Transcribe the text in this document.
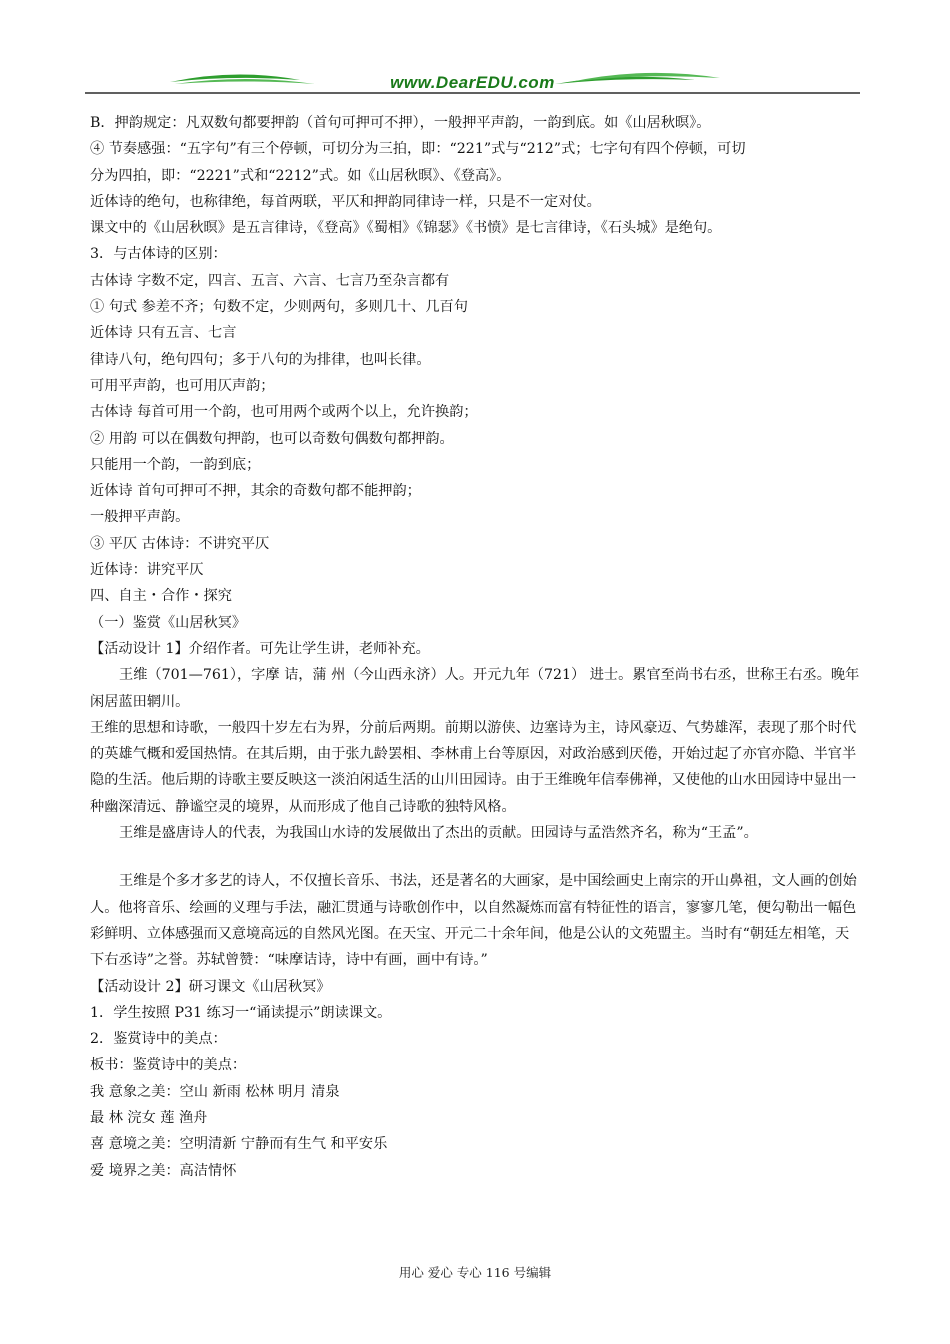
www.DearEDU.com
B．押韵规定：凡双数句都要押韵（首句可押可不押），一般押平声韵，一韵到底。如《山居秋暝》。
④ 节奏感强：“五字句”有三个停顿，可切分为三拍，即：“221”式与“212”式；七字句有四个停顿，可切
分为四拍，即：“2221”式和“2212”式。如《山居秋暝》、《登高》。
近体诗的绝句，也称律绝，每首两联，平仄和押韵同律诗一样，只是不一定对仗。
课文中的《山居秋暝》是五言律诗，《登高》《蜀相》《锦瑟》《书愤》是七言律诗，《石头城》是绝句。
3．与古体诗的区别：
古体诗 字数不定，四言、五言、六言、七言乃至杂言都有
① 句式 参差不齐；句数不定，少则两句，多则几十、几百句
近体诗 只有五言、七言
律诗八句，绝句四句；多于八句的为排律，也叫长律。
可用平声韵，也可用仄声韵；
古体诗 每首可用一个韵，也可用两个或两个以上，允许换韵；
② 用韵 可以在偶数句押韵，也可以奇数句偶数句都押韵。
只能用一个韵，一韵到底；
近体诗 首句可押可不押，其余的奇数句都不能押韵；
一般押平声韵。
③ 平仄 古体诗：不讲究平仄
近体诗：讲究平仄
四、自主・合作・探究
（一）鉴赏《山居秋冥》
【活动设计 1】介绍作者。可先让学生讲，老师补充。
王维（701—761），字摩 诘，蒲 州（今山西永济）人。开元九年（721） 进士。累官至尚书右丞，世称王右丞。晚年闲居蓝田辋川。
王维的思想和诗歌，一般四十岁左右为界，分前后两期。前期以游侠、边塞诗为主，诗风豪迈、气势雄浑，表现了那个时代的英雄气概和爱国热情。在其后期，由于张九龄罢相、李林甫上台等原因，对政治感到厌倦，开始过起了亦官亦隐、半官半隐的生活。他后期的诗歌主要反映这一淡泊闲适生活的山川田园诗。由于王维晚年信奉佛禅，又使他的山水田园诗中显出一种幽深清远、静谧空灵的境界，从而形成了他自己诗歌的独特风格。
王维是盛唐诗人的代表，为我国山水诗的发展做出了杰出的贡献。田园诗与孟浩然齐名，称为“王孟”。
王维是个多才多艺的诗人，不仅擅长音乐、书法，还是著名的大画家，是中国绘画史上南宗的开山鼻祖，文人画的创始人。他将音乐、绘画的义理与手法，融汇贯通与诗歌创作中，以自然凝炼而富有特征性的语言，寥寥几笔，便勾勒出一幅色彩鲜明、立体感强而又意境高远的自然风光图。在天宝、开元二十余年间，他是公认的文苑盟主。当时有“朝廷左相笔，天下右丞诗”之誉。苏轼曾赞：“味摩诘诗，诗中有画，画中有诗。”
【活动设计 2】研习课文《山居秋冥》
1．学生按照 P31 练习一“诵读提示”朗读课文。
2．鉴赏诗中的美点：
板书：鉴赏诗中的美点：
我 意象之美：空山 新雨 松林 明月 清泉
最 林 浣女 莲 渔舟
喜 意境之美：空明清新 宁静而有生气 和平安乐
爱 境界之美：高洁情怀
用心 爱心 专心 116 号编辑
